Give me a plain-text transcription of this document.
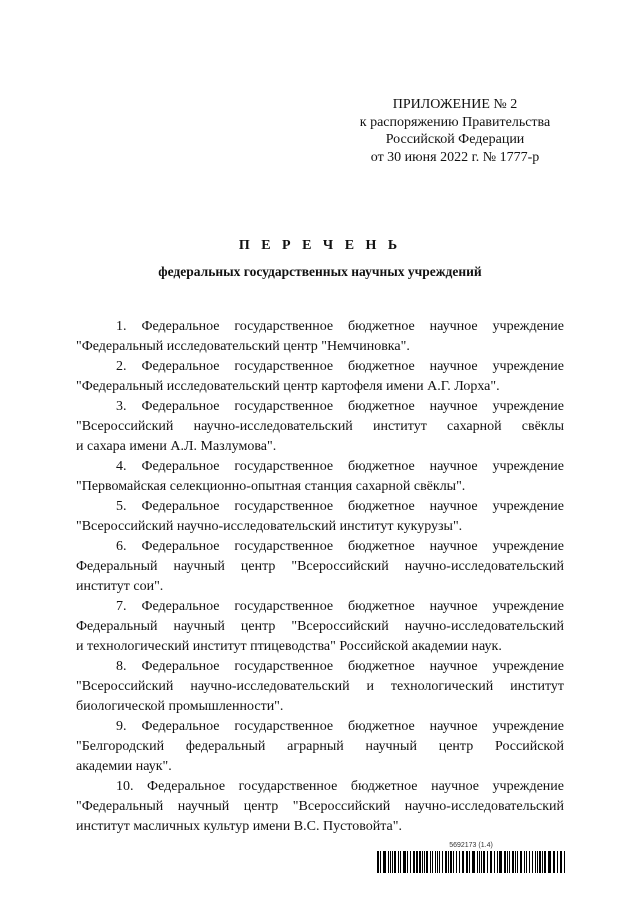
ПРИЛОЖЕНИЕ № 2
к распоряжению Правительства
Российской Федерации
от 30 июня 2022 г. № 1777-р
П Е Р Е Ч Е Н Ь
федеральных государственных научных учреждений
1. Федеральное государственное бюджетное научное учреждение
"Федеральный исследовательский центр "Немчиновка".
2. Федеральное государственное бюджетное научное учреждение
"Федеральный исследовательский центр картофеля имени А.Г. Лорха".
3. Федеральное государственное бюджетное научное учреждение
"Всероссийский научно-исследовательский институт сахарной свёклы
и сахара имени А.Л. Мазлумова".
4. Федеральное государственное бюджетное научное учреждение
"Первомайская селекционно-опытная станция сахарной свёклы".
5. Федеральное государственное бюджетное научное учреждение
"Всероссийский научно-исследовательский институт кукурузы".
6. Федеральное государственное бюджетное научное учреждение
Федеральный научный центр "Всероссийский научно-исследовательский
институт сои".
7. Федеральное государственное бюджетное научное учреждение
Федеральный научный центр "Всероссийский научно-исследовательский
и технологический институт птицеводства" Российской академии наук.
8. Федеральное государственное бюджетное научное учреждение
"Всероссийский научно-исследовательский и технологический институт
биологической промышленности".
9. Федеральное государственное бюджетное научное учреждение
"Белгородский федеральный аграрный научный центр Российской
академии наук".
10. Федеральное государственное бюджетное научное учреждение
"Федеральный научный центр "Всероссийский научно-исследовательский
институт масличных культур имени В.С. Пустовойта".
5692173 (1.4)
